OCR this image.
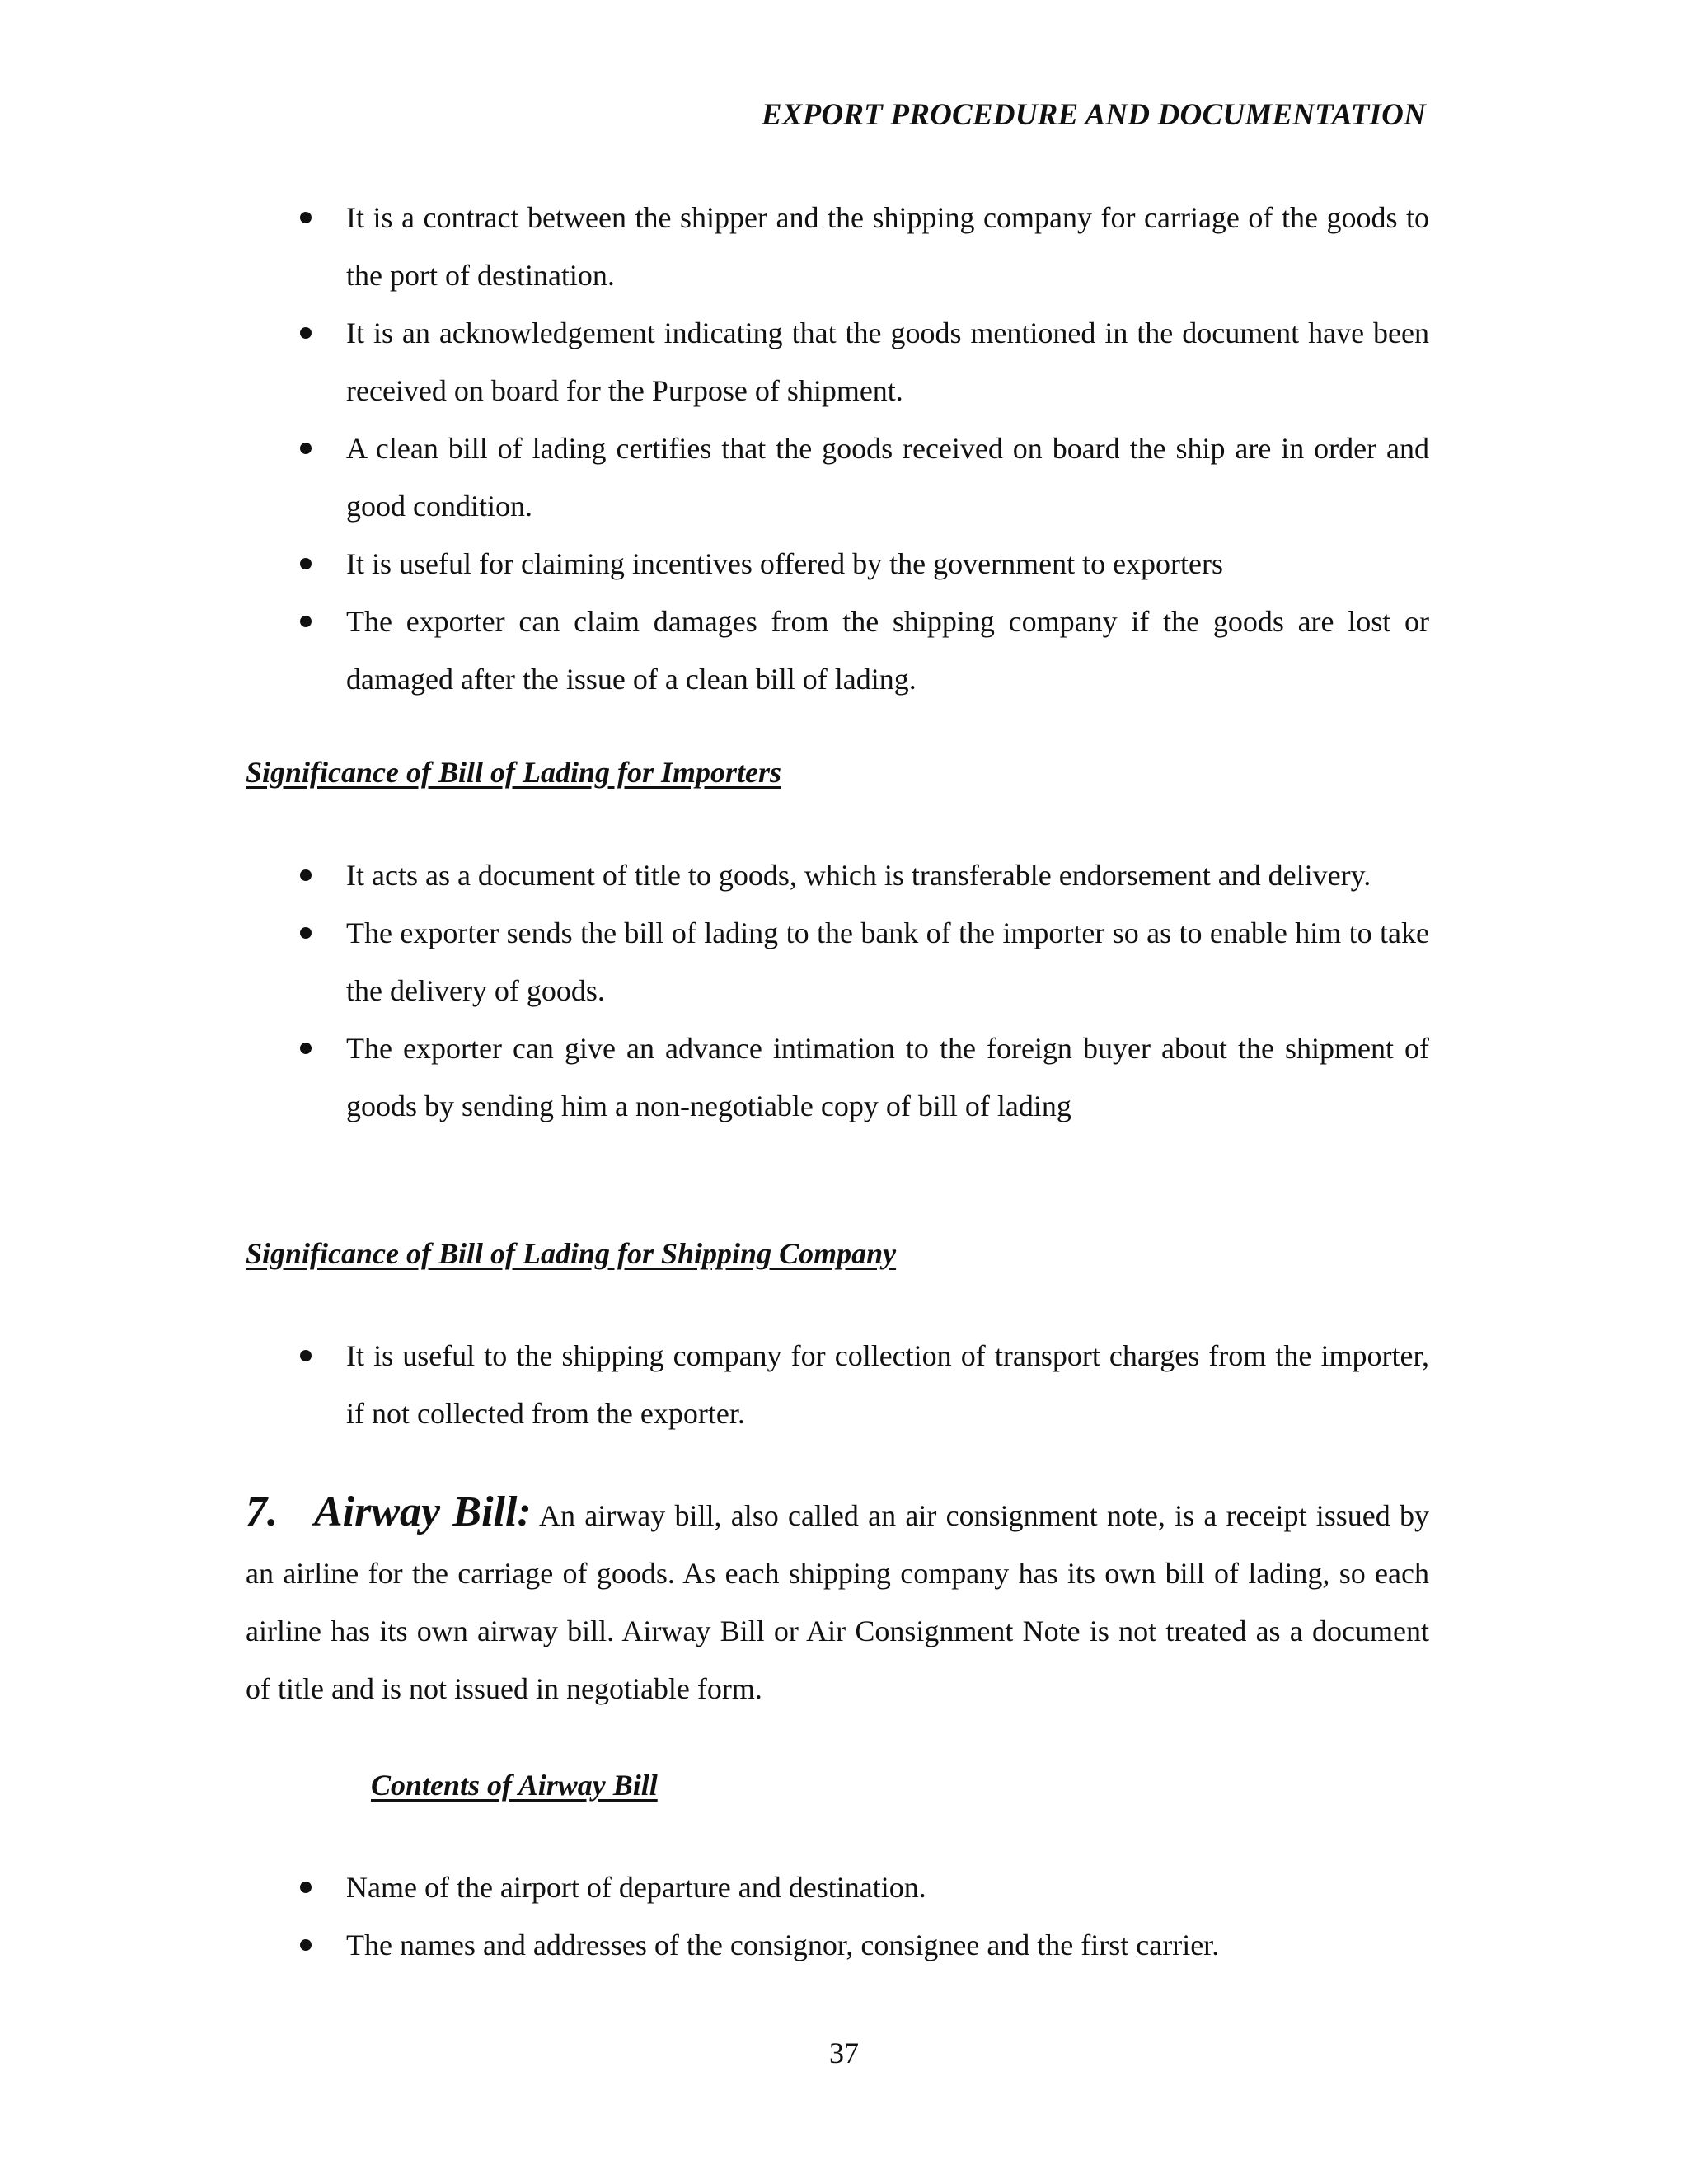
EXPORT PROCEDURE AND DOCUMENTATION
It is a contract between the shipper and the shipping company for carriage of the goods to the port of destination.
It is an acknowledgement indicating that the goods mentioned in the document have been received on board for the Purpose of shipment.
A clean bill of lading certifies that the goods received on board the ship are in order and good condition.
It is useful for claiming incentives offered by the government to exporters
The exporter can claim damages from the shipping company if the goods are lost or damaged after the issue of a clean bill of lading.
Significance of Bill of Lading for Importers
It acts as a document of title to goods, which is transferable endorsement and delivery.
The exporter sends the bill of lading to the bank of the importer so as to enable him to take the delivery of goods.
The exporter can give an advance intimation to the foreign buyer about the shipment of goods by sending him a non-negotiable copy of bill of lading
Significance of Bill of Lading for Shipping Company
It is useful to the shipping company for collection of transport charges from the importer, if not collected from the exporter.

7. Airway Bill: An airway bill, also called an air consignment note, is a receipt issued by an airline for the carriage of goods. As each shipping company has its own bill of lading, so each airline has its own airway bill. Airway Bill or Air Consignment Note is not treated as a document of title and is not issued in negotiable form.

Contents of Airway Bill
Name of the airport of departure and destination.
The names and addresses of the consignor, consignee and the first carrier.
37
